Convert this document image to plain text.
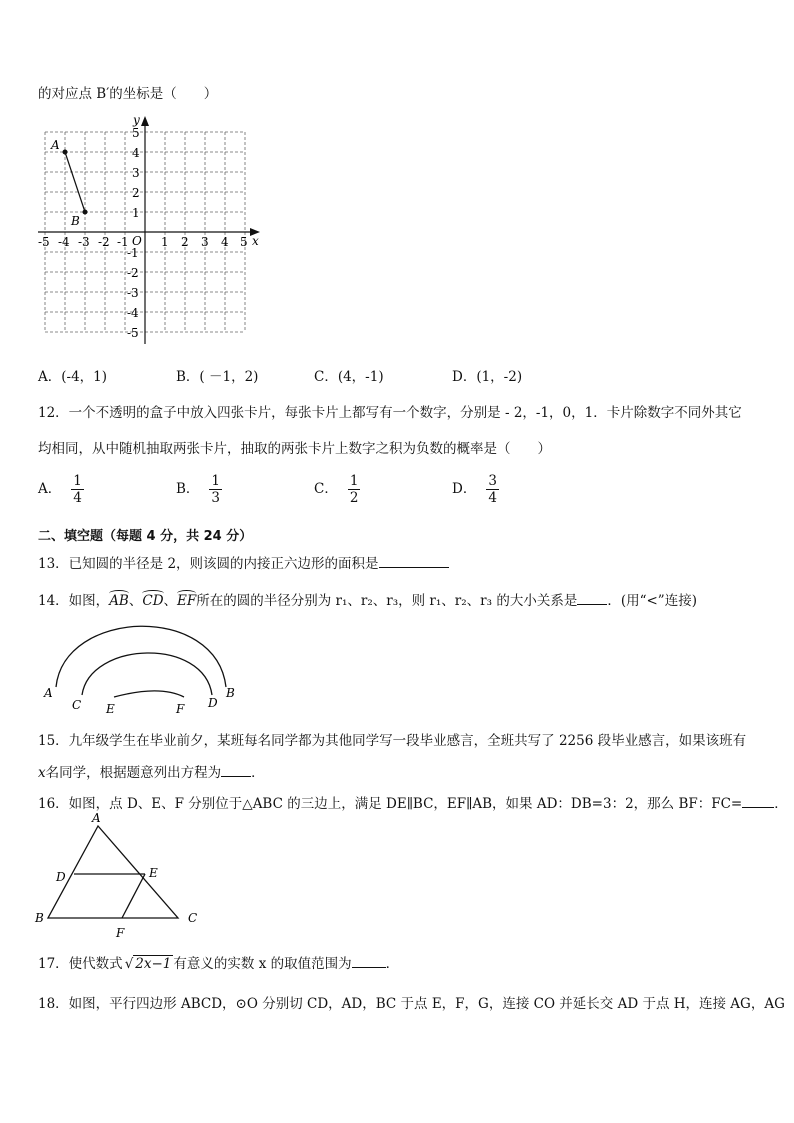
的对应点 B′的坐标是（　　）
x
y
O
-5 -4 -3 -2 -1	1 2 3 4 5
5
4
3
2
1
-1
-2
-3
-4
-5
A
B
A．(-4，1)	B．( －1，2)	C．(4，-1)	D．(1，-2)
12．一个不透明的盒子中放入四张卡片，每张卡片上都写有一个数字，分别是 - 2，-1，0，1．卡片除数字不同外其它
均相同，从中随机抽取两张卡片，抽取的两张卡片上数字之积为负数的概率是（　　）
A． $\frac{1}{4}$	B． $\frac{1}{3}$	C． $\frac{1}{2}$	D． $\frac{3}{4}$
二、填空题（每题 4 分，共 24 分）
13．已知圆的半径是 2，则该圆的内接正六边形的面积是
14．如图，AB、CD、EF所在的圆的半径分别为 r₁、r₂、r₃，则 r₁、r₂、r₃ 的大小关系是 ．(用“<”连接)
A	B
C	D
E	F
15．九年级学生在毕业前夕，某班每名同学都为其他同学写一段毕业感言，全班共写了 2256 段毕业感言，如果该班有
x名同学，根据题意列出方程为 ．
16．如图，点 D、E、F 分别位于△ABC 的三边上，满足 DE∥BC，EF∥AB，如果 AD：DB=3：2，那么 BF：FC= ．
A
B	C
D	E
F
17．使代数式 √ 2x−1 有意义的实数 x 的取值范围为	．
18．如图，平行四边形 ABCD，⊙O 分别切 CD，AD，BC 于点 E，F，G，连接 CO 并延长交 AD 于点 H，连接 AG，AG
